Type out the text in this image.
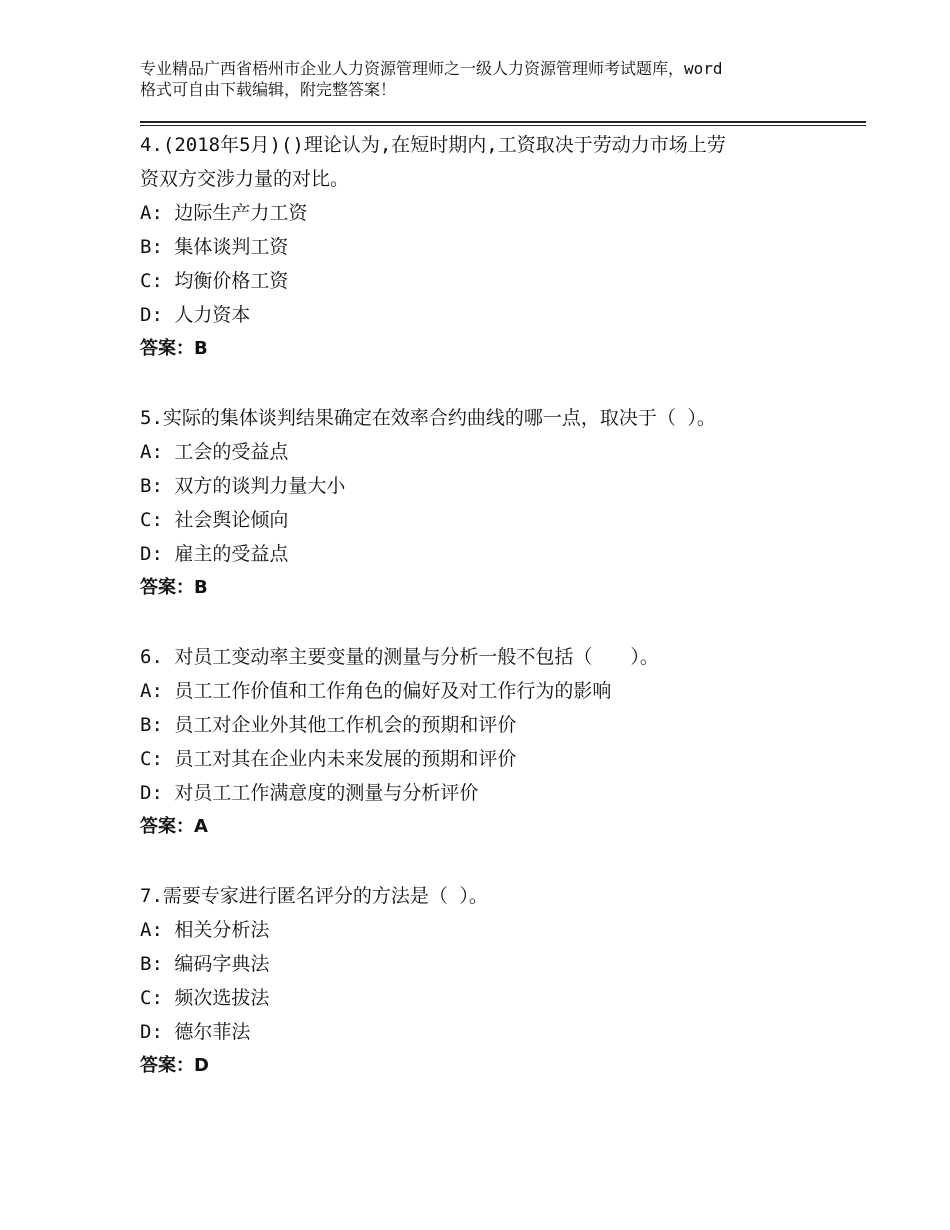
专业精品广西省梧州市企业人力资源管理师之一级人力资源管理师考试题库，word
格式可自由下载编辑，附完整答案！
4.(2018年5月)()理论认为,在短时期内,工资取决于劳动力市场上劳
资双方交涉力量的对比。
A: 边际生产力工资
B: 集体谈判工资
C: 均衡价格工资
D: 人力资本
答案：B
5.实际的集体谈判结果确定在效率合约曲线的哪一点，取决于（ ）。
A: 工会的受益点
B: 双方的谈判力量大小
C: 社会舆论倾向
D: 雇主的受益点
答案：B
6. 对员工变动率主要变量的测量与分析一般不包括（　　）。
A: 员工工作价值和工作角色的偏好及对工作行为的影响
B: 员工对企业外其他工作机会的预期和评价
C: 员工对其在企业内未来发展的预期和评价
D: 对员工工作满意度的测量与分析评价
答案：A
7.需要专家进行匿名评分的方法是（ ）。
A: 相关分析法
B: 编码字典法
C: 频次选拔法
D: 德尔菲法
答案：D
